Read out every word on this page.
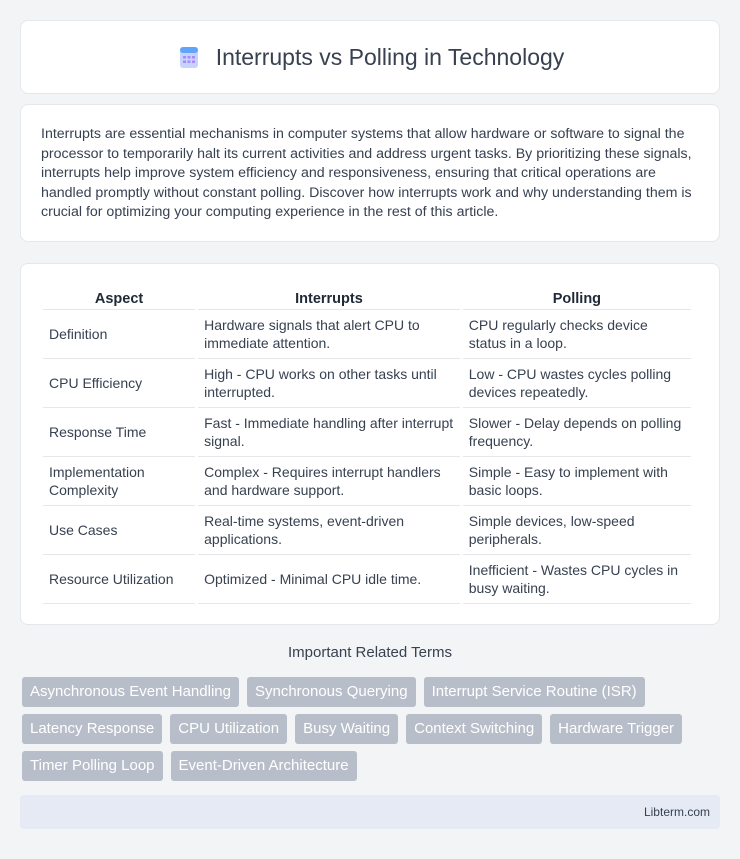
Interrupts vs Polling in Technology

Interrupts are essential mechanisms in computer systems that allow hardware or software to signal the processor to temporarily halt its current activities and address urgent tasks. By prioritizing these signals, interrupts help improve system efficiency and responsiveness, ensuring that critical operations are handled promptly without constant polling. Discover how interrupts work and why understanding them is crucial for optimizing your computing experience in the rest of this article.

Aspect	Interrupts	Polling
Definition	Hardware signals that alert CPU to immediate attention.	CPU regularly checks device status in a loop.
CPU Efficiency	High - CPU works on other tasks until interrupted.	Low - CPU wastes cycles polling devices repeatedly.
Response Time	Fast - Immediate handling after interrupt signal.	Slower - Delay depends on polling frequency.
Implementation Complexity	Complex - Requires interrupt handlers and hardware support.	Simple - Easy to implement with basic loops.
Use Cases	Real-time systems, event-driven applications.	Simple devices, low-speed peripherals.
Resource Utilization	Optimized - Minimal CPU idle time.	Inefficient - Wastes CPU cycles in busy waiting.
Important Related Terms
Asynchronous Event Handling	Synchronous Querying	Interrupt Service Routine (ISR)
Latency Response	CPU Utilization	Busy Waiting	Context Switching	Hardware Trigger
Timer Polling Loop	Event-Driven Architecture
Libterm.com
